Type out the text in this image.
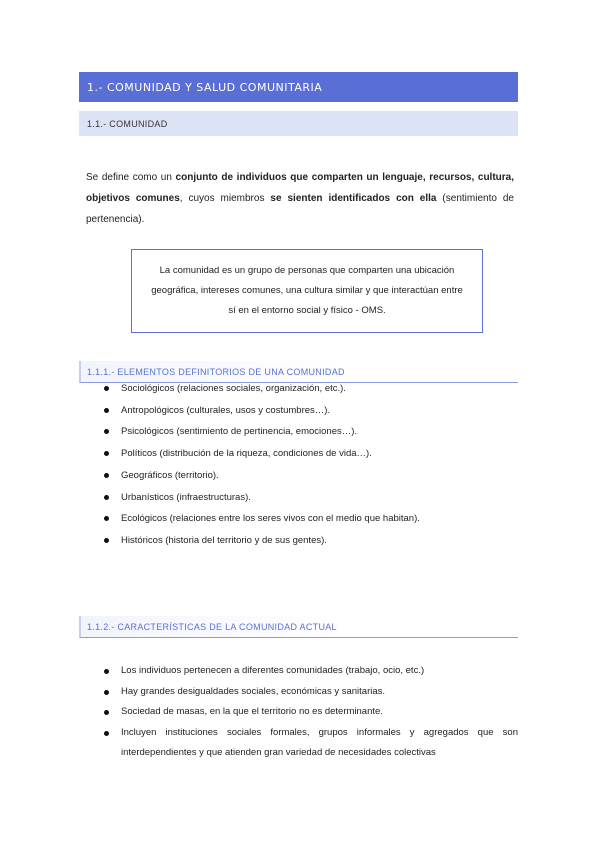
1.- COMUNIDAD Y SALUD COMUNITARIA
1.1.- COMUNIDAD

Se define como un conjunto de individuos que comparten un lenguaje, recursos, cultura, objetivos comunes, cuyos miembros se sienten identificados con ella (sentimiento de pertenencia).

La comunidad es un grupo de personas que comparten una ubicación geográfica, intereses comunes, una cultura similar y que interactúan entre sí en el entorno social y físico - OMS.
1.1.1.- ELEMENTOS DEFINITORIOS DE UNA COMUNIDAD
Sociológicos (relaciones sociales, organización, etc.).
Antropológicos (culturales, usos y costumbres…).
Psicológicos (sentimiento de pertinencia, emociones…).
Políticos (distribución de la riqueza, condiciones de vida…).
Geográficos (territorio).
Urbanísticos (infraestructuras).
Ecológicos (relaciones entre los seres vivos con el medio que habitan).
Históricos (historia del territorio y de sus gentes).
1.1.2.- CARACTERÍSTICAS DE LA COMUNIDAD ACTUAL
Los individuos pertenecen a diferentes comunidades (trabajo, ocio, etc.)
Hay grandes desigualdades sociales, económicas y sanitarias.
Sociedad de masas, en la que el territorio no es determinante.
Incluyen instituciones sociales formales, grupos informales y agregados que son interdependientes y que atienden gran variedad de necesidades colectivas
